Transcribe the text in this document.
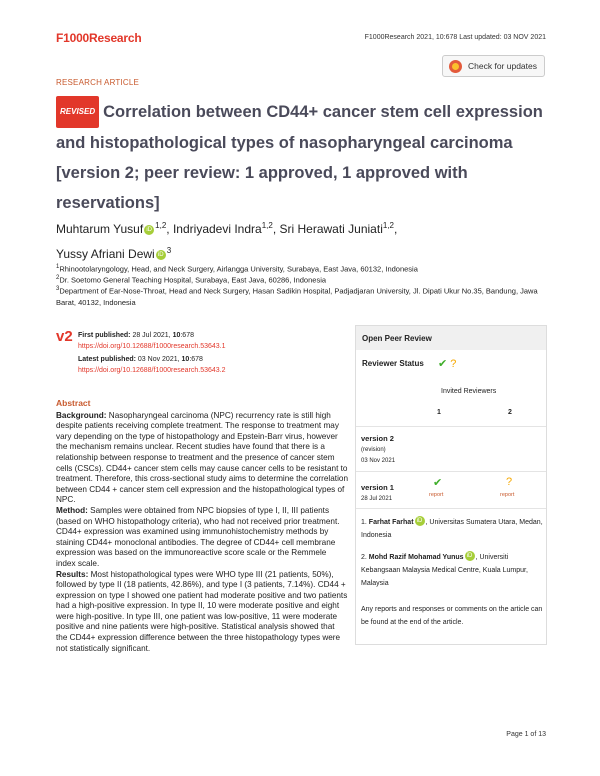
F1000Research	F1000Research 2021, 10:678 Last updated: 03 NOV 2021
Check for updates
RESEARCH ARTICLE
REVISED Correlation between CD44+ cancer stem cell expression and histopathological types of nasopharyngeal carcinoma [version 2; peer review: 1 approved, 1 approved with reservations]
Muhtarum Yusuf iD $^{1,2}$, Indriyadevi Indra$^{1,2}$, Sri Herawati Juniati$^{1,2}$,
Yussy Afriani Dewi iD $^3$
$^1$Rhinootolaryngology, Head, and Neck Surgery, Airlangga University, Surabaya, East Java, 60132, Indonesia
$^2$Dr. Soetomo General Teaching Hospital, Surabaya, East Java, 60286, Indonesia
$^3$Department of Ear-Nose-Throat, Head and Neck Surgery, Hasan Sadikin Hospital, Padjadjaran University, Jl. Dipati Ukur No.35, Bandung, Jawa Barat, 40132, Indonesia
v2 First published: 28 Jul 2021, 10:678
https://doi.org/10.12688/f1000research.53643.1
Latest published: 03 Nov 2021, 10:678
https://doi.org/10.12688/f1000research.53643.2
Abstract

Background: Nasopharyngeal carcinoma (NPC) recurrency rate is still high despite patients receiving complete treatment. The response to treatment may vary depending on the type of histopathology and Epstein-Barr virus, however the mechanism remains unclear. Recent studies have found that there is a relationship between response to treatment and the presence of cancer stem cells (CSCs). CD44+ cancer stem cells may cause cancer cells to be resistant to treatment. Therefore, this cross-sectional study aims to determine the correlation between CD44 + cancer stem cell expression and the histopathological types of NPC.

Method: Samples were obtained from NPC biopsies of type I, II, III patients (based on WHO histopathology criteria), who had not received prior treatment. CD44+ expression was examined using immunohistochemistry methods by staining CD44+ monoclonal antibodies. The degree of CD44+ cell membrane expression was based on the immunoreactive score scale or the Remmele index scale.

Results: Most histopathological types were WHO type III (21 patients, 50%), followed by type II (18 patients, 42.86%), and type I (3 patients, 7.14%). CD44 + expression on type I showed one patient had moderate positive and two patients had a high-positive expression. In type II, 10 were moderate positive and eight were high-positive. In type III, one patient was low-positive, 11 were moderate positive and nine patients were high-positive. Statistical analysis showed that the CD44+ expression difference between the three histopathology types were not statistically significant.

Open Peer Review
Reviewer Status ✔ ?
Invited Reviewers
1	2
version 2
(revision)
03 Nov 2021
version 1
28 Jul 2021
✔
report
?
report
1. Farhat Farhat iD , Universitas Sumatera Utara, Medan, Indonesia
2. Mohd Razif Mohamad Yunus iD , Universiti Kebangsaan Malaysia Medical Centre, Kuala Lumpur, Malaysia
Any reports and responses or comments on the article can be found at the end of the article.
Page 1 of 13
